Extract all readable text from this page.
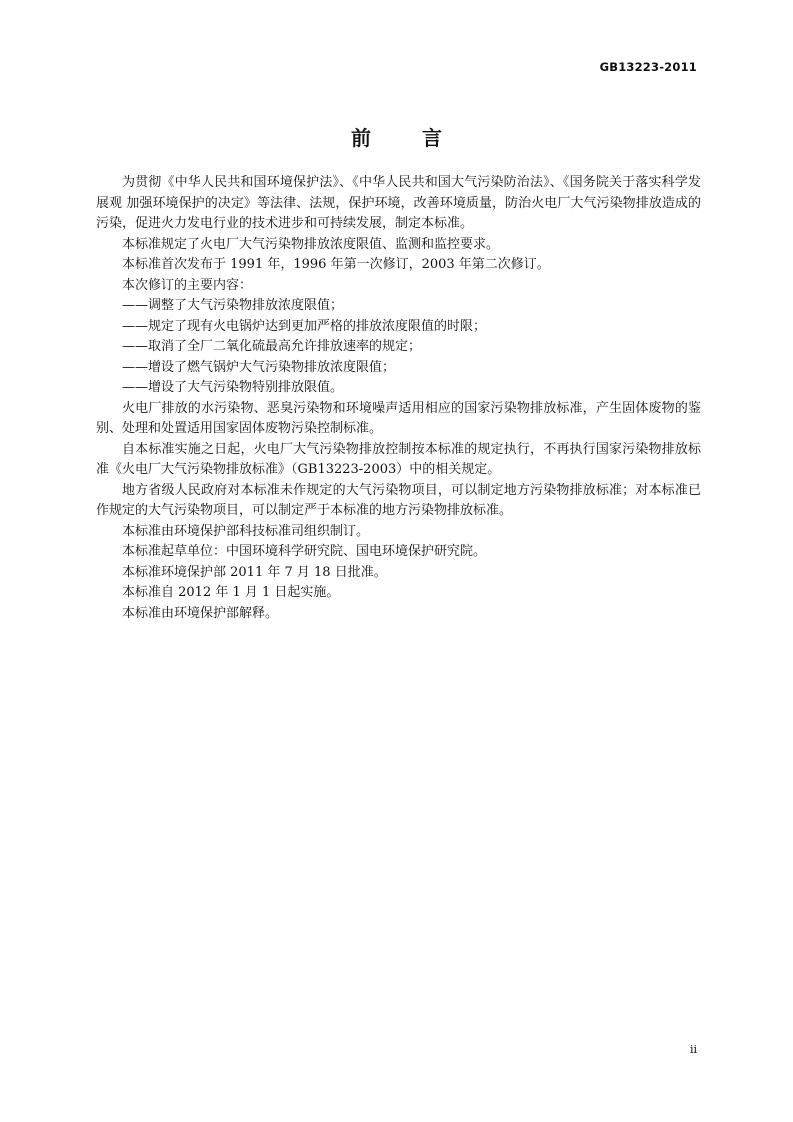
GB13223-2011
前 言

为贯彻《中华人民共和国环境保护法》、《中华人民共和国大气污染防治法》、《国务院关于落实科学发展观 加强环境保护的决定》等法律、法规，保护环境，改善环境质量，防治火电厂大气污染物排放造成的污染，促进火力发电行业的技术进步和可持续发展，制定本标准。

本标准规定了火电厂大气污染物排放浓度限值、监测和监控要求。

本标准首次发布于 1991 年，1996 年第一次修订，2003 年第二次修订。

本次修订的主要内容：

——调整了大气污染物排放浓度限值；

——规定了现有火电锅炉达到更加严格的排放浓度限值的时限；

——取消了全厂二氧化硫最高允许排放速率的规定；

——增设了燃气锅炉大气污染物排放浓度限值；

——增设了大气污染物特别排放限值。

火电厂排放的水污染物、恶臭污染物和环境噪声适用相应的国家污染物排放标准，产生固体废物的鉴别、处理和处置适用国家固体废物污染控制标准。

自本标准实施之日起，火电厂大气污染物排放控制按本标准的规定执行，不再执行国家污染物排放标准《火电厂大气污染物排放标准》（GB13223-2003）中的相关规定。

地方省级人民政府对本标准未作规定的大气污染物项目，可以制定地方污染物排放标准；对本标准已作规定的大气污染物项目，可以制定严于本标准的地方污染物排放标准。

本标准由环境保护部科技标准司组织制订。

本标准起草单位：中国环境科学研究院、国电环境保护研究院。

本标准环境保护部 2011 年 7 月 18 日批准。

本标准自 2012 年 1 月 1 日起实施。

本标准由环境保护部解释。

ii
